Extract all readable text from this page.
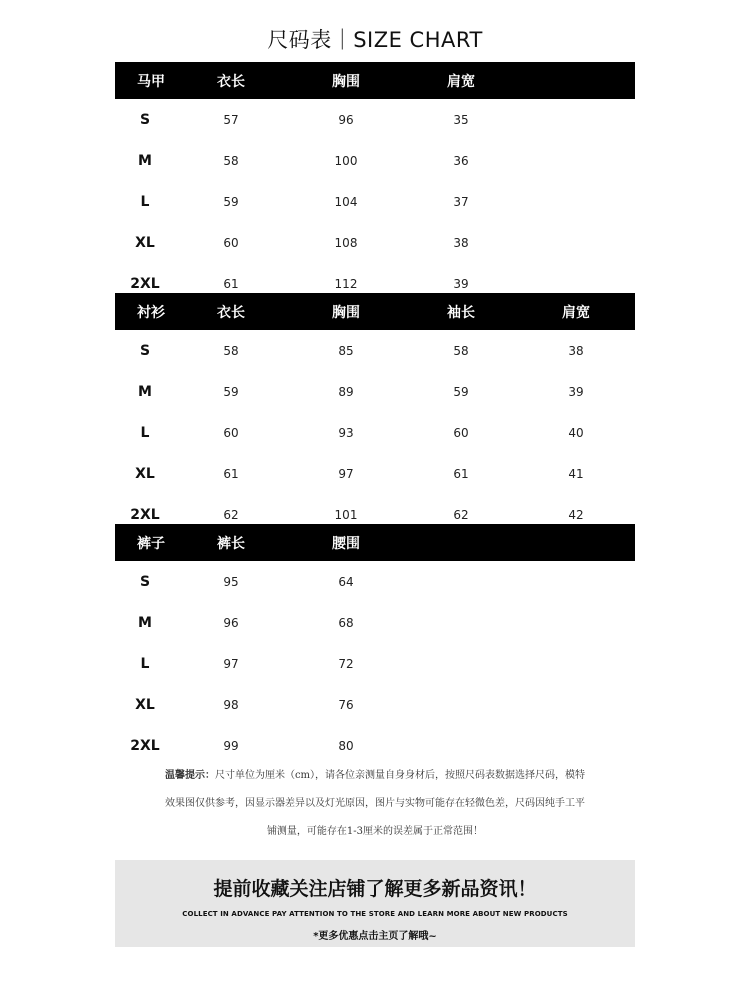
尺码表｜SIZE CHART
马甲	衣长	胸围	肩宽
S	57	96	35
M	58	100	36
L	59	104	37
XL	60	108	38
2XL	61	112	39
衬衫	衣长	胸围	袖长	肩宽
S	58	85	58	38
M	59	89	59	39
L	60	93	60	40
XL	61	97	61	41
2XL	62	101	62	42
裤子	裤长	腰围
S	95	64
M	96	68
L	97	72
XL	98	76
2XL	99	80
温馨提示：尺寸单位为厘米（cm），请各位亲测量自身身材后，按照尺码表数据选择尺码，模特
效果图仅供参考，因显示器差异以及灯光原因，图片与实物可能存在轻微色差，尺码因纯手工平
铺测量，可能存在1-3厘米的误差属于正常范围！
提前收藏关注店铺了解更多新品资讯！
COLLECT IN ADVANCE PAY ATTENTION TO THE STORE AND LEARN MORE ABOUT NEW PRODUCTS
*更多优惠点击主页了解哦~
